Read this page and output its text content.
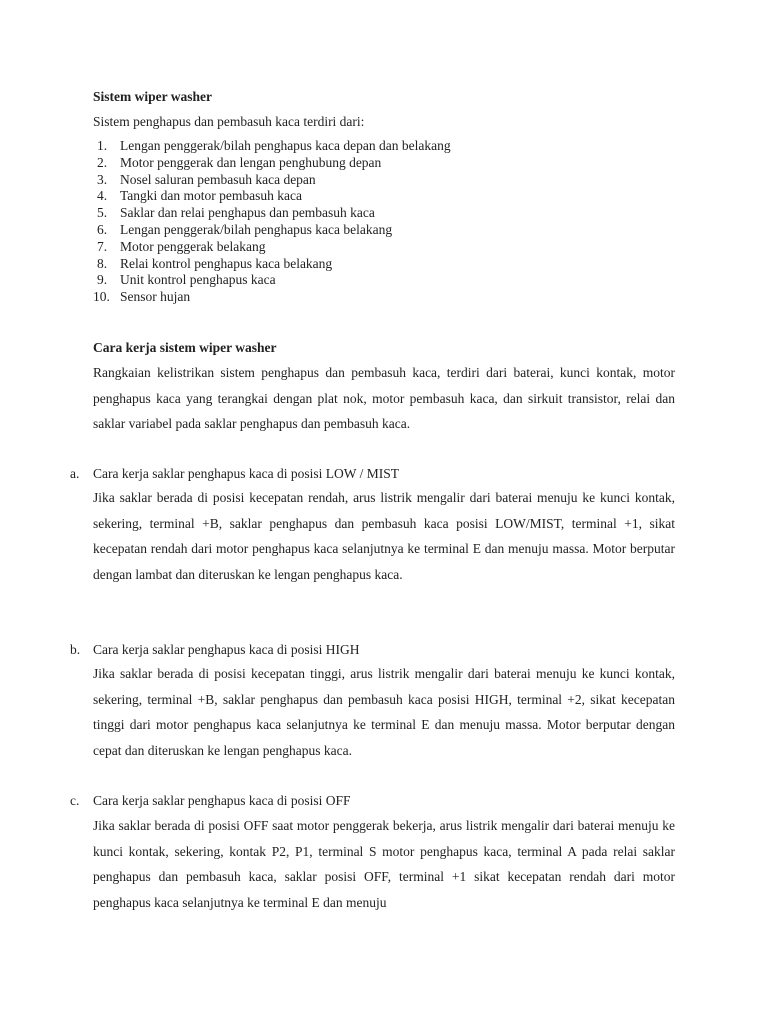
Sistem wiper washer
Sistem penghapus dan pembasuh kaca terdiri dari:
1. Lengan penggerak/bilah penghapus kaca depan dan belakang
2. Motor penggerak dan lengan penghubung depan
3. Nosel saluran pembasuh kaca depan
4. Tangki dan motor pembasuh kaca
5. Saklar dan relai penghapus dan pembasuh kaca
6. Lengan penggerak/bilah penghapus kaca belakang
7. Motor penggerak belakang
8. Relai kontrol penghapus kaca belakang
9. Unit kontrol penghapus kaca
10. Sensor hujan
Cara kerja sistem wiper washer
Rangkaian kelistrikan sistem penghapus dan pembasuh kaca, terdiri dari baterai, kunci kontak, motor penghapus kaca yang terangkai dengan plat nok, motor pembasuh kaca, dan sirkuit transistor, relai dan saklar variabel pada saklar penghapus dan pembasuh kaca.
a. Cara kerja saklar penghapus kaca di posisi LOW / MIST
Jika saklar berada di posisi kecepatan rendah, arus listrik mengalir dari baterai menuju ke kunci kontak, sekering, terminal +B, saklar penghapus dan pembasuh kaca posisi LOW/MIST, terminal +1, sikat kecepatan rendah dari motor penghapus kaca selanjutnya ke terminal E dan menuju massa. Motor berputar dengan lambat dan diteruskan ke lengan penghapus kaca.
b. Cara kerja saklar penghapus kaca di posisi HIGH
Jika saklar berada di posisi kecepatan tinggi, arus listrik mengalir dari baterai menuju ke kunci kontak, sekering, terminal +B, saklar penghapus dan pembasuh kaca posisi HIGH, terminal +2, sikat kecepatan tinggi dari motor penghapus kaca selanjutnya ke terminal E dan menuju massa. Motor berputar dengan cepat dan diteruskan ke lengan penghapus kaca.
c. Cara kerja saklar penghapus kaca di posisi OFF
Jika saklar berada di posisi OFF saat motor penggerak bekerja, arus listrik mengalir dari baterai menuju ke kunci kontak, sekering, kontak P2, P1, terminal S motor penghapus kaca, terminal A pada relai saklar penghapus dan pembasuh kaca, saklar posisi OFF, terminal +1 sikat kecepatan rendah dari motor penghapus kaca selanjutnya ke terminal E dan menuju
